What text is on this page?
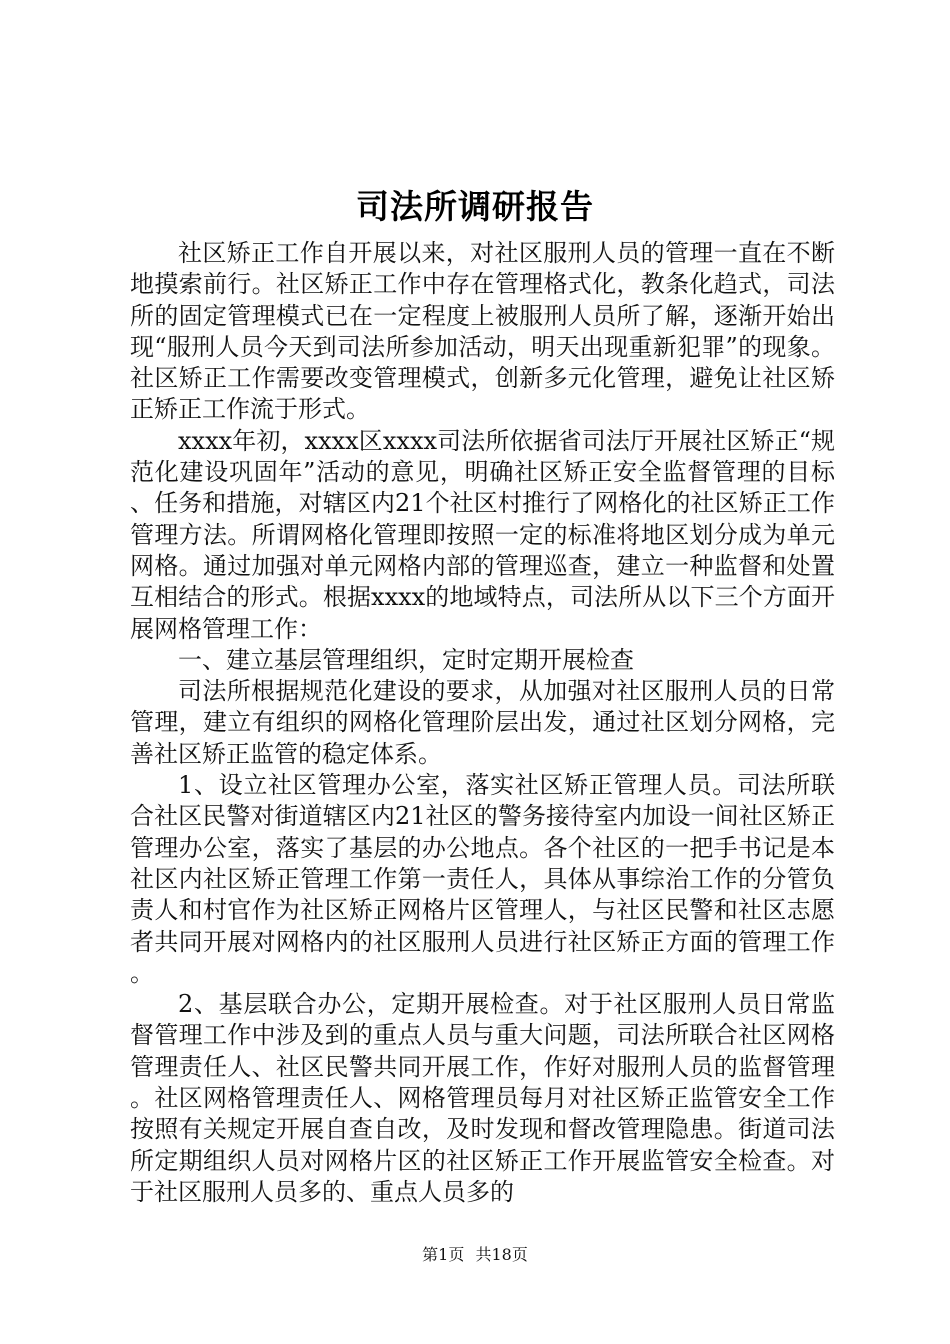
司法所调研报告

社区矫正工作自开展以来，对社区服刑人员的管理一直在不断地摸索前行。社区矫正工作中存在管理格式化，教条化趋式，司法所的固定管理模式已在一定程度上被服刑人员所了解，逐渐开始出现“服刑人员今天到司法所参加活动，明天出现重新犯罪”的现象。社区矫正工作需要改变管理模式，创新多元化管理，避免让社区矫正矫正工作流于形式。

xxxx年初，xxxx区xxxx司法所依据省司法厅开展社区矫正“规范化建设巩固年”活动的意见，明确社区矫正安全监督管理的目标、任务和措施，对辖区内21个社区村推行了网格化的社区矫正工作管理方法。所谓网格化管理即按照一定的标准将地区划分成为单元网格。通过加强对单元网格内部的管理巡查，建立一种监督和处置互相结合的形式。根据xxxx的地域特点，司法所从以下三个方面开展网格管理工作：

一、建立基层管理组织，定时定期开展检查

司法所根据规范化建设的要求，从加强对社区服刑人员的日常管理，建立有组织的网格化管理阶层出发，通过社区划分网格，完善社区矫正监管的稳定体系。

1、设立社区管理办公室，落实社区矫正管理人员。司法所联合社区民警对街道辖区内21社区的警务接待室内加设一间社区矫正管理办公室，落实了基层的办公地点。各个社区的一把手书记是本社区内社区矫正管理工作第一责任人，具体从事综治工作的分管负责人和村官作为社区矫正网格片区管理人，与社区民警和社区志愿者共同开展对网格内的社区服刑人员进行社区矫正方面的管理工作。

2、基层联合办公，定期开展检查。对于社区服刑人员日常监督管理工作中涉及到的重点人员与重大问题，司法所联合社区网格管理责任人、社区民警共同开展工作，作好对服刑人员的监督管理。社区网格管理责任人、网格管理员每月对社区矫正监管安全工作按照有关规定开展自查自改，及时发现和督改管理隐患。街道司法所定期组织人员对网格片区的社区矫正工作开展监管安全检查。对于社区服刑人员多的、重点人员多的

第1页 共18页
